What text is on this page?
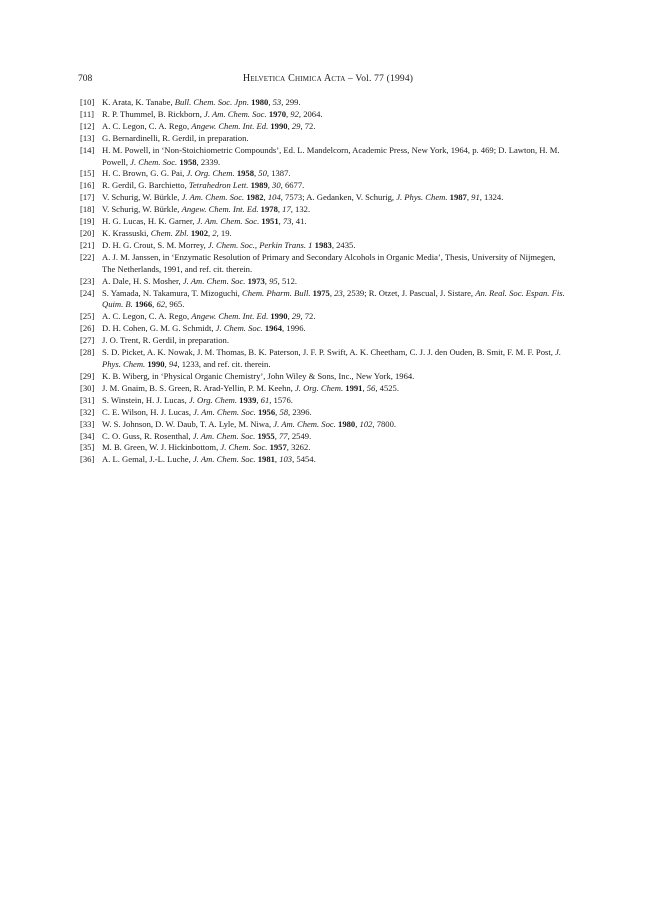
708	Helvetica Chimica Acta – Vol. 77 (1994)
[10] K. Arata, K. Tanabe, Bull. Chem. Soc. Jpn. 1980, 53, 299.
[11] R. P. Thummel, B. Rickborn, J. Am. Chem. Soc. 1970, 92, 2064.
[12] A. C. Legon, C. A. Rego, Angew. Chem. Int. Ed. 1990, 29, 72.
[13] G. Bernardinelli, R. Gerdil, in preparation.
[14] H. M. Powell, in ‘Non-Stoichiometric Compounds’, Ed. L. Mandelcorn, Academic Press, New York, 1964, p. 469; D. Lawton, H. M. Powell, J. Chem. Soc. 1958, 2339.
[15] H. C. Brown, G. G. Pai, J. Org. Chem. 1958, 50, 1387.
[16] R. Gerdil, G. Barchietto, Tetrahedron Lett. 1989, 30, 6677.
[17] V. Schurig, W. Bürkle, J. Am. Chem. Soc. 1982, 104, 7573; A. Gedanken, V. Schurig, J. Phys. Chem. 1987, 91, 1324.
[18] V. Schurig, W. Bürkle, Angew. Chem. Int. Ed. 1978, 17, 132.
[19] H. G. Lucas, H. K. Garner, J. Am. Chem. Soc. 1951, 73, 41.
[20] K. Krassuski, Chem. Zbl. 1902, 2, 19.
[21] D. H. G. Crout, S. M. Morrey, J. Chem. Soc., Perkin Trans. 1 1983, 2435.
[22] A. J. M. Janssen, in ‘Enzymatic Resolution of Primary and Secondary Alcohols in Organic Media’, Thesis, University of Nijmegen, The Netherlands, 1991, and ref. cit. therein.
[23] A. Dale, H. S. Mosher, J. Am. Chem. Soc. 1973, 95, 512.
[24] S. Yamada, N. Takamura, T. Mizoguchi, Chem. Pharm. Bull. 1975, 23, 2539; R. Otzet, J. Pascual, J. Sistare, An. Real. Soc. Espan. Fis. Quim. B. 1966, 62, 965.
[25] A. C. Legon, C. A. Rego, Angew. Chem. Int. Ed. 1990, 29, 72.
[26] D. H. Cohen, G. M. G. Schmidt, J. Chem. Soc. 1964, 1996.
[27] J. O. Trent, R. Gerdil, in preparation.
[28] S. D. Picket, A. K. Nowak, J. M. Thomas, B. K. Paterson, J. F. P. Swift, A. K. Cheetham, C. J. J. den Ouden, B. Smit, F. M. F. Post, J. Phys. Chem. 1990, 94, 1233, and ref. cit. therein.
[29] K. B. Wiberg, in ‘Physical Organic Chemistry’, John Wiley & Sons, Inc., New York, 1964.
[30] J. M. Gnaim, B. S. Green, R. Arad-Yellin, P. M. Keehn, J. Org. Chem. 1991, 56, 4525.
[31] S. Winstein, H. J. Lucas, J. Org. Chem. 1939, 61, 1576.
[32] C. E. Wilson, H. J. Lucas, J. Am. Chem. Soc. 1956, 58, 2396.
[33] W. S. Johnson, D. W. Daub, T. A. Lyle, M. Niwa, J. Am. Chem. Soc. 1980, 102, 7800.
[34] C. O. Guss, R. Rosenthal, J. Am. Chem. Soc. 1955, 77, 2549.
[35] M. B. Green, W. J. Hickinbottom, J. Chem. Soc. 1957, 3262.
[36] A. L. Gemal, J.-L. Luche, J. Am. Chem. Soc. 1981, 103, 5454.
